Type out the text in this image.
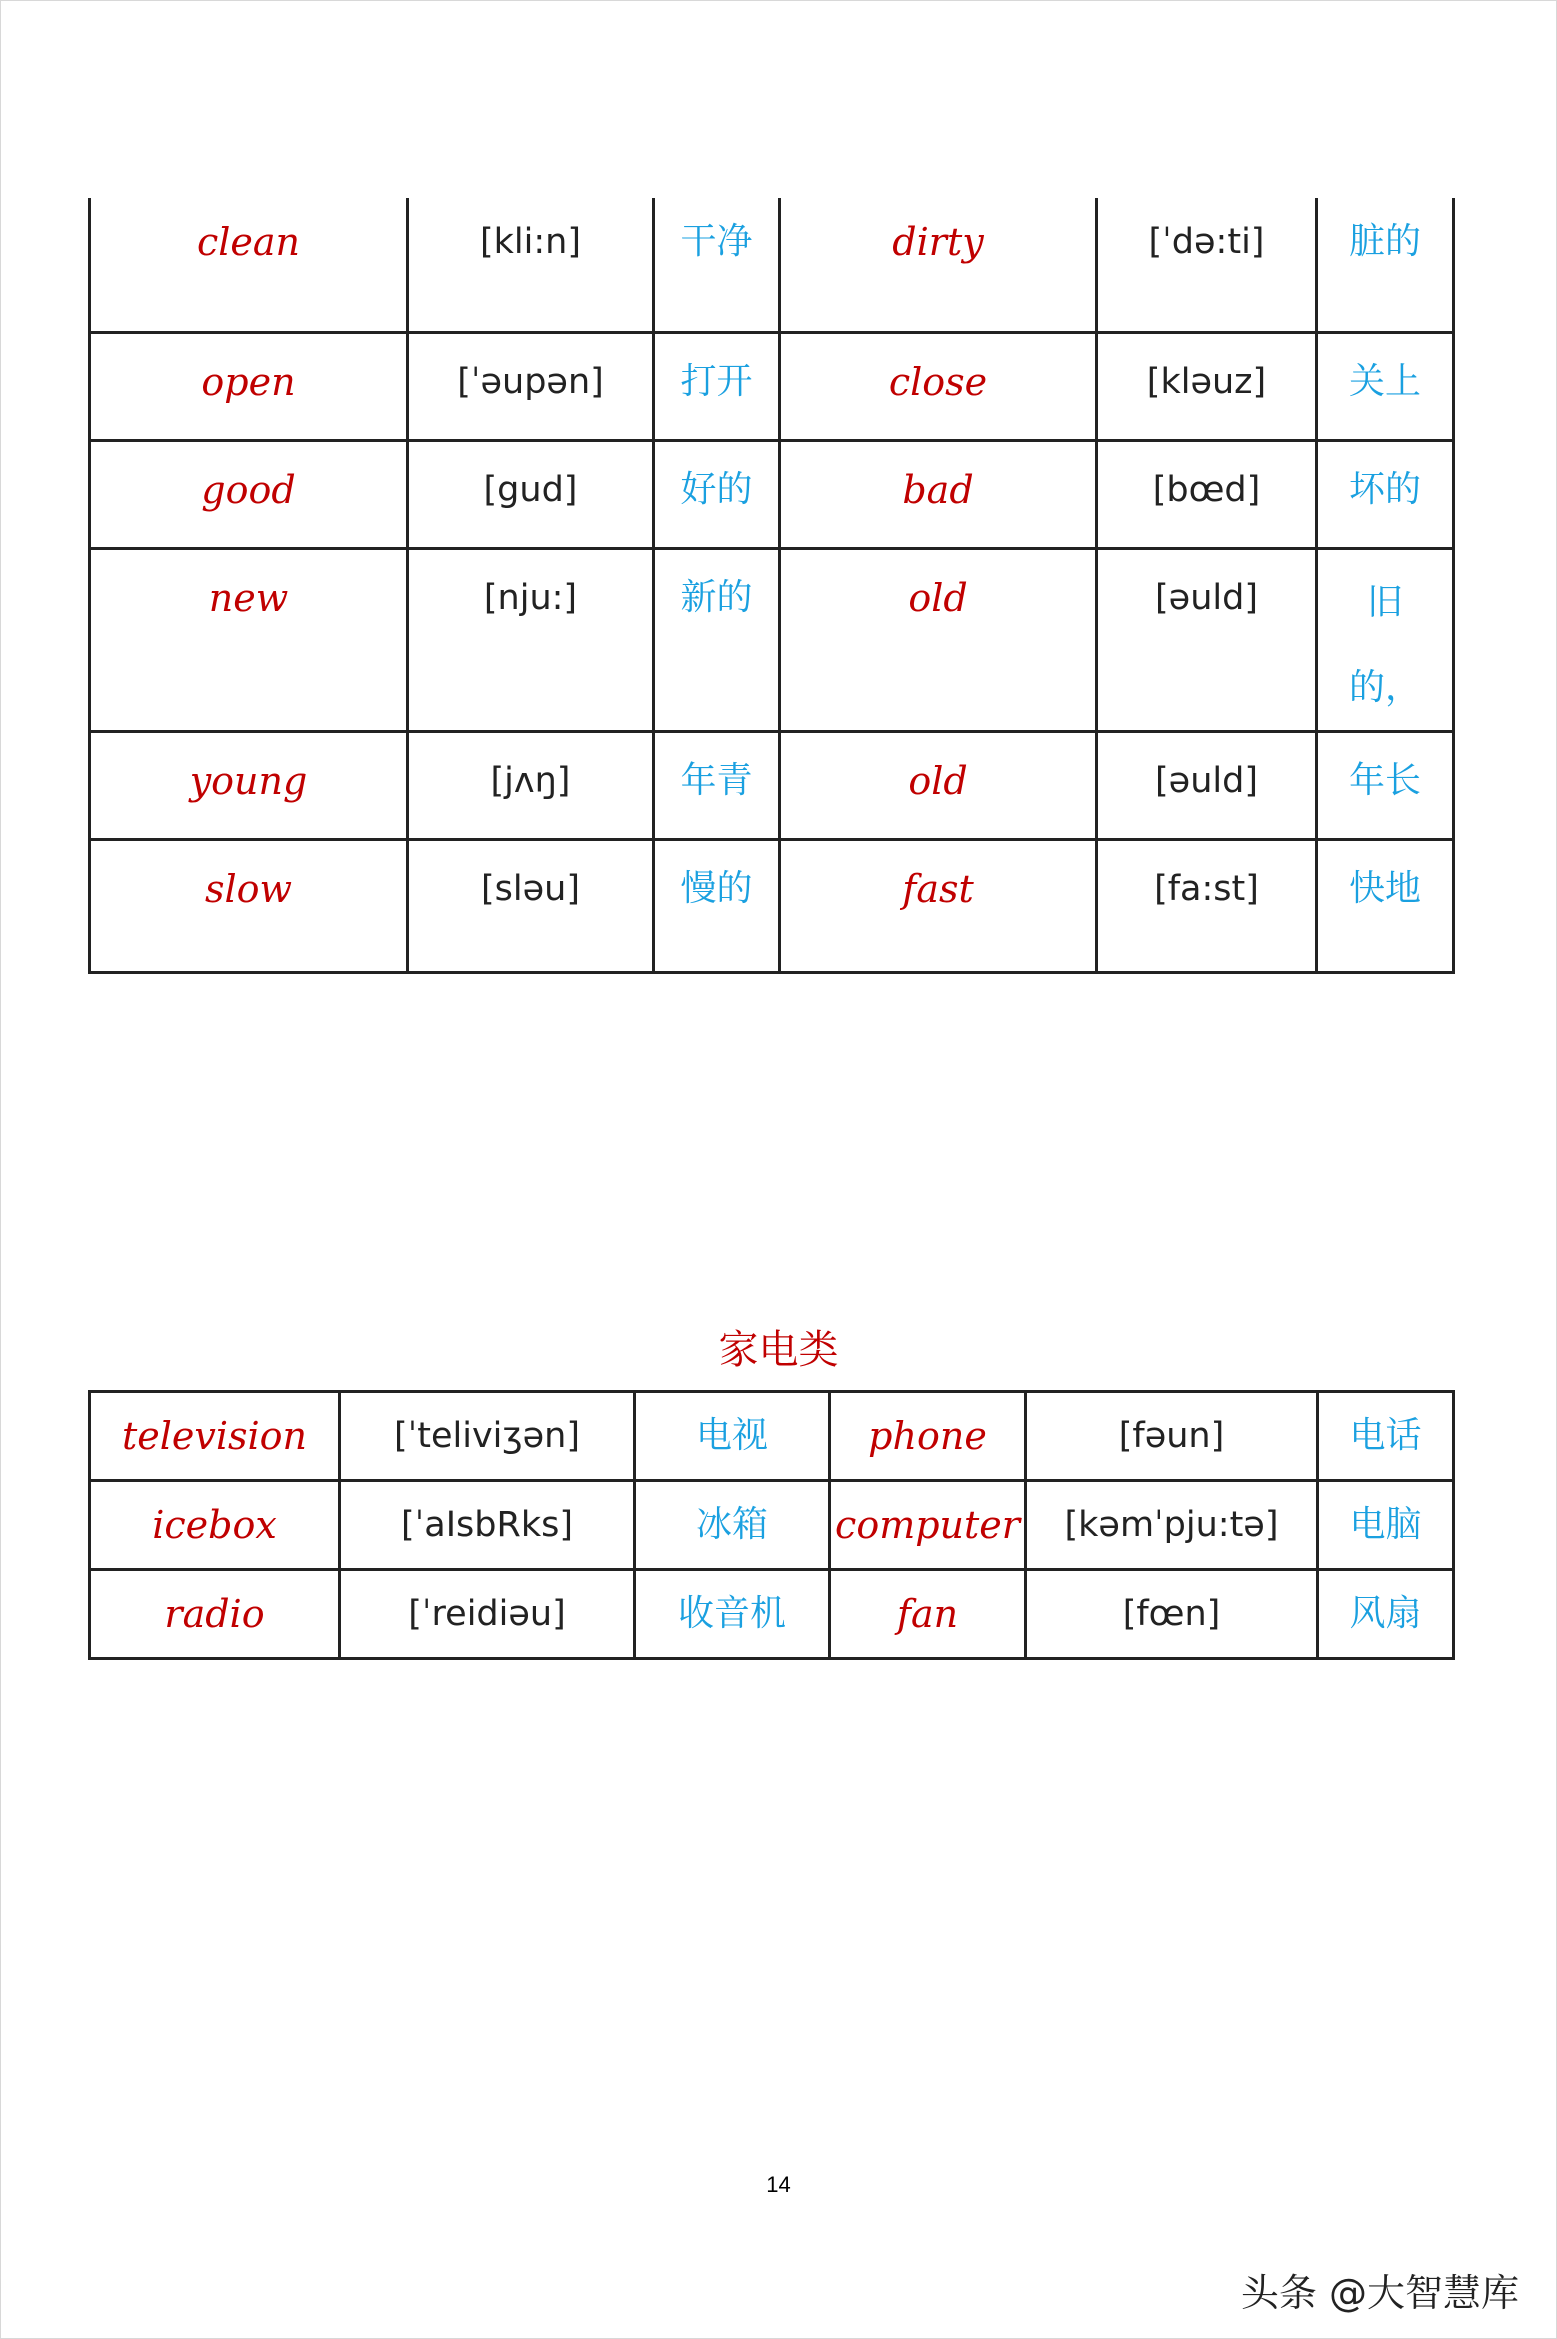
clean	[kli:n]	干净	dirty	[ˈdə:ti]	脏的
open	[ˈəupən]	打开	close	[kləuz]	关上
good	[gud]	好的	bad	[bœd]	坏的
new	[nju:]	新的	old	[əuld]	旧的，
young	[jʌŋ]	年青	old	[əuld]	年长
slow	[sləu]	慢的	fast	[fa:st]	快地
家电类
television	[ˈteliviʒən]	电视	phone	[fəun]	电话
icebox	[ˈaIsbRks]	冰箱	computer	[kəmˈpju:tə]	电脑
radio	[ˈreidiəu]	收音机	fan	[fœn]	风扇
14
头条 @大智慧库
